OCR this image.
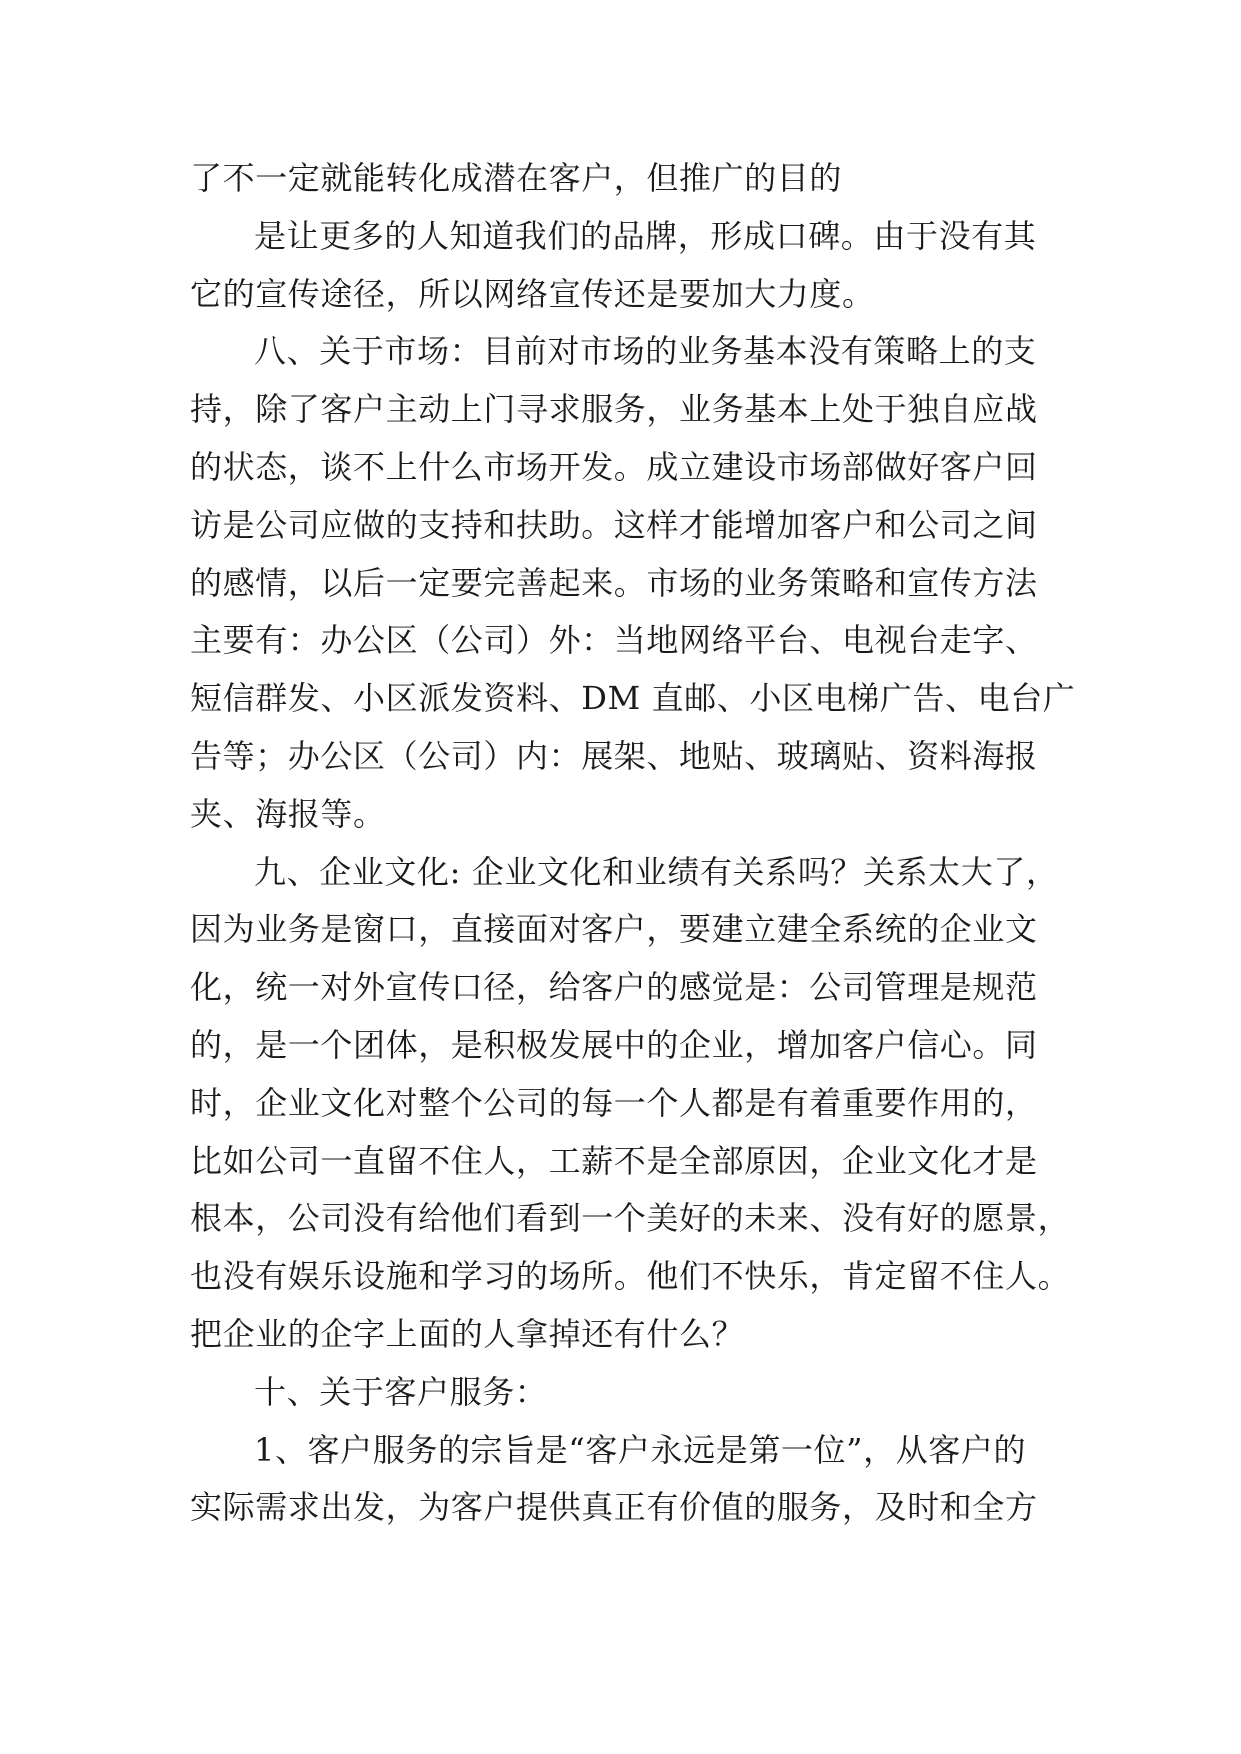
了不一定就能转化成潜在客户，但推广的目的
是让更多的人知道我们的品牌，形成口碑。由于没有其
它的宣传途径，所以网络宣传还是要加大力度。
八、关于市场：目前对市场的业务基本没有策略上的支
持，除了客户主动上门寻求服务，业务基本上处于独自应战
的状态，谈不上什么市场开发。成立建设市场部做好客户回
访是公司应做的支持和扶助。这样才能增加客户和公司之间
的感情，以后一定要完善起来。市场的业务策略和宣传方法
主要有：办公区（公司）外：当地网络平台、电视台走字、
短信群发、小区派发资料、DM 直邮、小区电梯广告、电台广
告等；办公区（公司）内：展架、地贴、玻璃贴、资料海报
夹、海报等。
九、企业文化: 企业文化和业绩有关系吗？关系太大了，
因为业务是窗口，直接面对客户，要建立建全系统的企业文
化，统一对外宣传口径，给客户的感觉是：公司管理是规范
的，是一个团体，是积极发展中的企业，增加客户信心。同
时，企业文化对整个公司的每一个人都是有着重要作用的，
比如公司一直留不住人，工薪不是全部原因，企业文化才是
根本，公司没有给他们看到一个美好的未来、没有好的愿景，
也没有娱乐设施和学习的场所。他们不快乐，肯定留不住人。
把企业的企字上面的人拿掉还有什么？
十、关于客户服务：
1、客户服务的宗旨是“客户永远是第一位”，从客户的
实际需求出发，为客户提供真正有价值的服务，及时和全方
